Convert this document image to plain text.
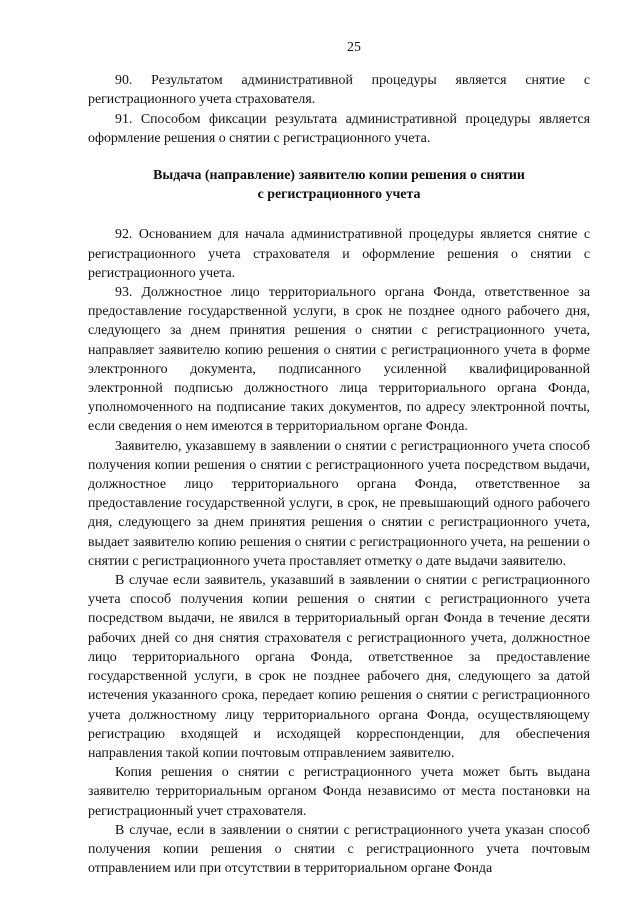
25

90. Результатом административной процедуры является снятие с регистрационного учета страхователя.

91. Способом фиксации результата административной процедуры является оформление решения о снятии с регистрационного учета.

Выдача (направление) заявителю копии решения о снятии
с регистрационного учета

92. Основанием для начала административной процедуры является снятие с регистрационного учета страхователя и оформление решения о снятии с регистрационного учета.

93. Должностное лицо территориального органа Фонда, ответственное за предоставление государственной услуги, в срок не позднее одного рабочего дня, следующего за днем принятия решения о снятии с регистрационного учета, направляет заявителю копию решения о снятии с регистрационного учета в форме электронного документа, подписанного усиленной квалифицированной электронной подписью должностного лица территориального органа Фонда, уполномоченного на подписание таких документов, по адресу электронной почты, если сведения о нем имеются в территориальном органе Фонда.

Заявителю, указавшему в заявлении о снятии с регистрационного учета способ получения копии решения о снятии с регистрационного учета посредством выдачи, должностное лицо территориального органа Фонда, ответственное за предоставление государственной услуги, в срок, не превышающий одного рабочего дня, следующего за днем принятия решения о снятии с регистрационного учета, выдает заявителю копию решения о снятии с регистрационного учета, на решении о снятии с регистрационного учета проставляет отметку о дате выдачи заявителю.

В случае если заявитель, указавший в заявлении о снятии с регистрационного учета способ получения копии решения о снятии с регистрационного учета посредством выдачи, не явился в территориальный орган Фонда в течение десяти рабочих дней со дня снятия страхователя с регистрационного учета, должностное лицо территориального органа Фонда, ответственное за предоставление государственной услуги, в срок не позднее рабочего дня, следующего за датой истечения указанного срока, передает копию решения о снятии с регистрационного учета должностному лицу территориального органа Фонда, осуществляющему регистрацию входящей и исходящей корреспонденции, для обеспечения направления такой копии почтовым отправлением заявителю.

Копия решения о снятии с регистрационного учета может быть выдана заявителю территориальным органом Фонда независимо от места постановки на регистрационный учет страхователя.

В случае, если в заявлении о снятии с регистрационного учета указан способ получения копии решения о снятии с регистрационного учета почтовым отправлением или при отсутствии в территориальном органе Фонда
